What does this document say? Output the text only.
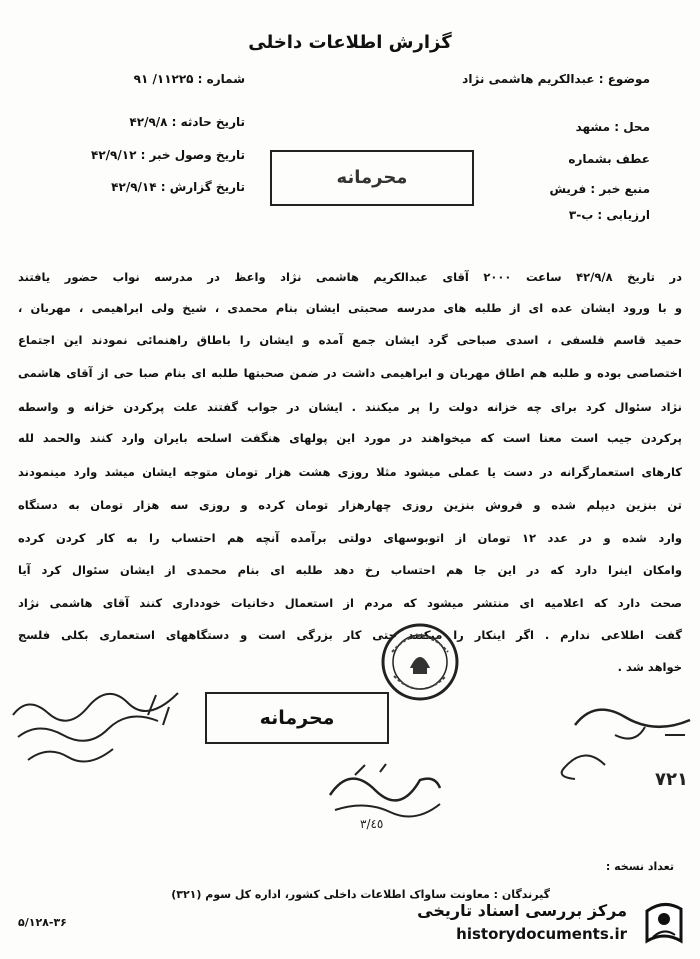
گزارش اطلاعات داخلی
موضوع : عبدالکریم هاشمی نژاد
محل : مشهد
عطف بشماره
منبع خبر : فریش
ارزیابی : ب-۳
شماره : ۱۱۲۲۵/ ۹۱
تاریخ حادثه : ۴۲/۹/۸
تاریخ وصول خبر : ۴۲/۹/۱۲
تاریخ گزارش : ۴۲/۹/۱۴	محرمانه
در تاریخ ۴۲/۹/۸ ساعت ۲۰۰۰ آقای عبدالکریم هاشمی نژاد واعظ در مدرسه نواب حضور یافتند
و با ورود ایشان عده ای از طلبه های مدرسه صحبتی ایشان بنام محمدی ، شیخ ولی ابراهیمی ، مهربان ،
حمید قاسم فلسفی ، اسدی صباحی گرد ایشان جمع آمده و ایشان را باطاق راهنمائی نمودند این اجتماع
اختصاصی بوده و طلبه هم اطاق مهربان و ابراهیمی داشت در ضمن صحبتها طلبه ای بنام صبا حی از آقای هاشمی
نژاد سئوال کرد برای چه خزانه دولت را پر میکنند . ایشان در جواب گفتند علت پرکردن خزانه و واسطه
پرکردن جیب است معنا است که میخواهند در مورد این پولهای هنگفت اسلحه بایران وارد کنند والحمد لله
کارهای استعمارگرانه در دست یا عملی میشود مثلا روزی هشت هزار تومان متوجه ایشان میشد وارد مینمودند
تن بنزین دیپلم شده و فروش بنزین روزی چهارهزار تومان کرده و روزی سه هزار تومان به دستگاه
وارد شده و در عدد ۱۲ تومان از اتوبوسهای دولتی برآمده آنچه هم احتساب را به کار کردن کرده
وامکان اینرا دارد که در این جا هم احتساب رخ دهد طلبه ای بنام محمدی از ایشان سئوال کرد آیا
صحت دارد که اعلامیه ای منتشر میشود که مردم از استعمال دخانیات خودداری کنند آقای هاشمی نژاد
گفت اطلاعی ندارم . اگر اینکار را میکنند حتی کار بزرگی است و دستگاههای استعماری بکلی فلسج
خواهد شد .
محرمانه
٧٢١
٣/٤٥
تعداد نسخه :
گیرندگان : معاونت ساواک اطلاعات داخلی کشور، اداره کل سوم (۳۲۱)
۵/۱۲۸-۳۶
مرکز بررسی اسناد تاریخی
historydocuments.ir
